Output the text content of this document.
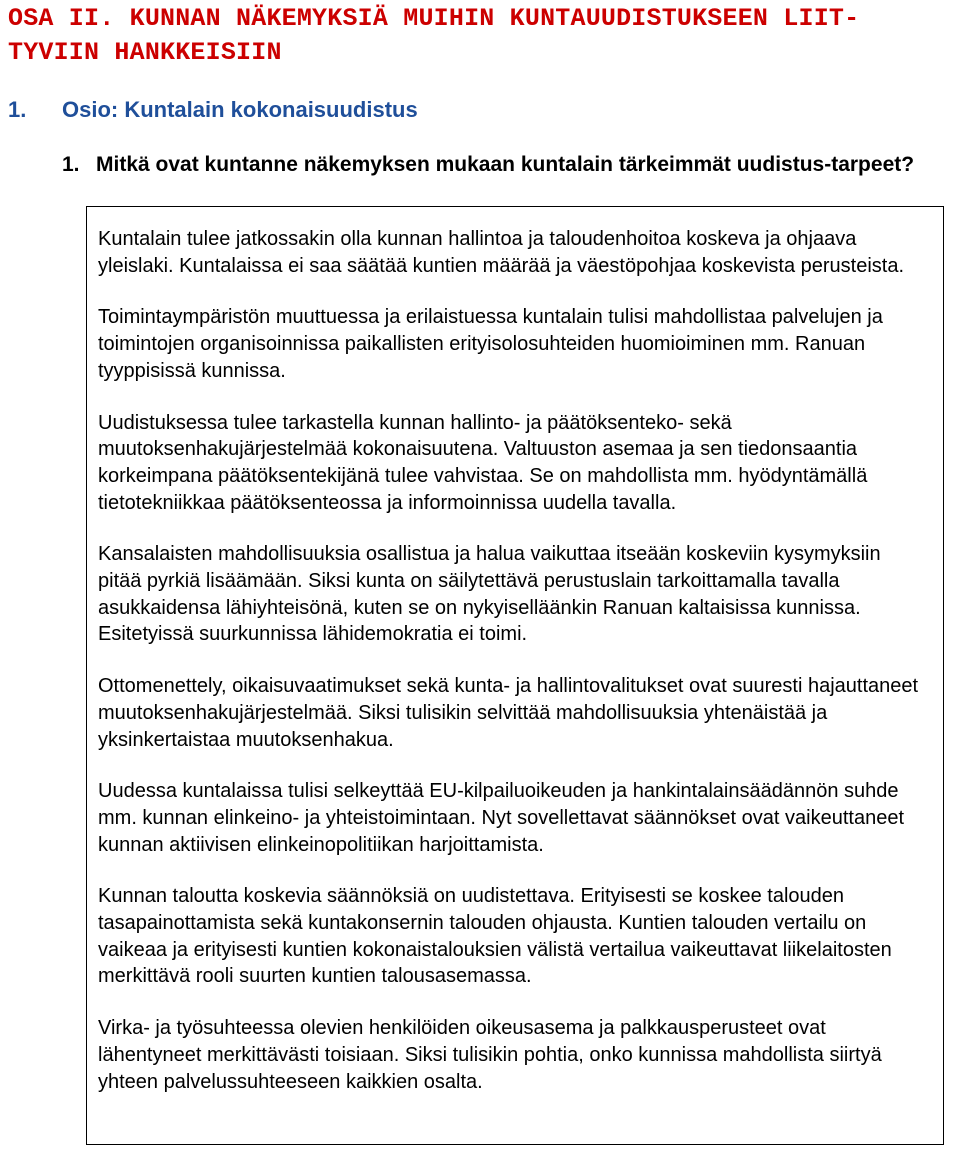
OSA II. KUNNAN NÄKEMYKSIÄ MUIHIN KUNTAUUDISTUKSEEN LIIT-TYVIIN HANKKEISIIN
1. Osio: Kuntalain kokonaisuudistus
1. Mitkä ovat kuntanne näkemyksen mukaan kuntalain tärkeimmät uudistus-tarpeet?

Kuntalain tulee jatkossakin olla kunnan hallintoa ja taloudenhoitoa koskeva ja ohjaava yleislaki. Kuntalaissa ei saa säätää kuntien määrää ja väestöpohjaa koskevista perusteista.

Toimintaympäristön muuttuessa ja erilaistuessa kuntalain tulisi mahdollistaa palvelujen ja toimintojen organisoinnissa paikallisten erityisolosuhteiden huomioiminen mm. Ranuan tyyppisissä kunnissa.

Uudistuksessa tulee tarkastella kunnan hallinto- ja päätöksenteko- sekä muutoksenhakujärjestelmää kokonaisuutena. Valtuuston asemaa ja sen tiedonsaantia korkeimpana päätöksentekijänä tulee vahvistaa. Se on mahdollista mm. hyödyntämällä tietotekniikkaa päätöksenteossa ja informoinnissa uudella tavalla.

Kansalaisten mahdollisuuksia osallistua ja halua vaikuttaa itseään koskeviin kysymyksiin pitää pyrkiä lisäämään. Siksi kunta on säilytettävä perustuslain tarkoittamalla tavalla asukkaidensa lähiyhteisönä, kuten se on nykyiselläänkin Ranuan kaltaisissa kunnissa. Esitetyissä suurkunnissa lähidemokratia ei toimi.

Ottomenettely, oikaisuvaatimukset sekä kunta- ja hallintovalitukset ovat suuresti hajauttaneet muutoksenhakujärjestelmää. Siksi tulisikin selvittää mahdollisuuksia yhtenäistää ja yksinkertaistaa muutoksenhakua.

Uudessa kuntalaissa tulisi selkeyttää EU-kilpailuoikeuden ja hankintalainsäädännön suhde mm. kunnan elinkeino- ja yhteistoimintaan. Nyt sovellettavat säännökset ovat vaikeuttaneet kunnan aktiivisen elinkeinopolitiikan harjoittamista.

Kunnan taloutta koskevia säännöksiä on uudistettava. Erityisesti se koskee talouden tasapainottamista sekä kuntakonsernin talouden ohjausta. Kuntien talouden vertailu on vaikeaa ja erityisesti kuntien kokonaistalouksien välistä vertailua vaikeuttavat liikelaitosten merkittävä rooli suurten kuntien talousasemassa.

Virka- ja työsuhteessa olevien henkilöiden oikeusasema ja palkkausperusteet ovat lähentyneet merkittävästi toisiaan. Siksi tulisikin pohtia, onko kunnissa mahdollista siirtyä yhteen palvelussuhteeseen kaikkien osalta.
